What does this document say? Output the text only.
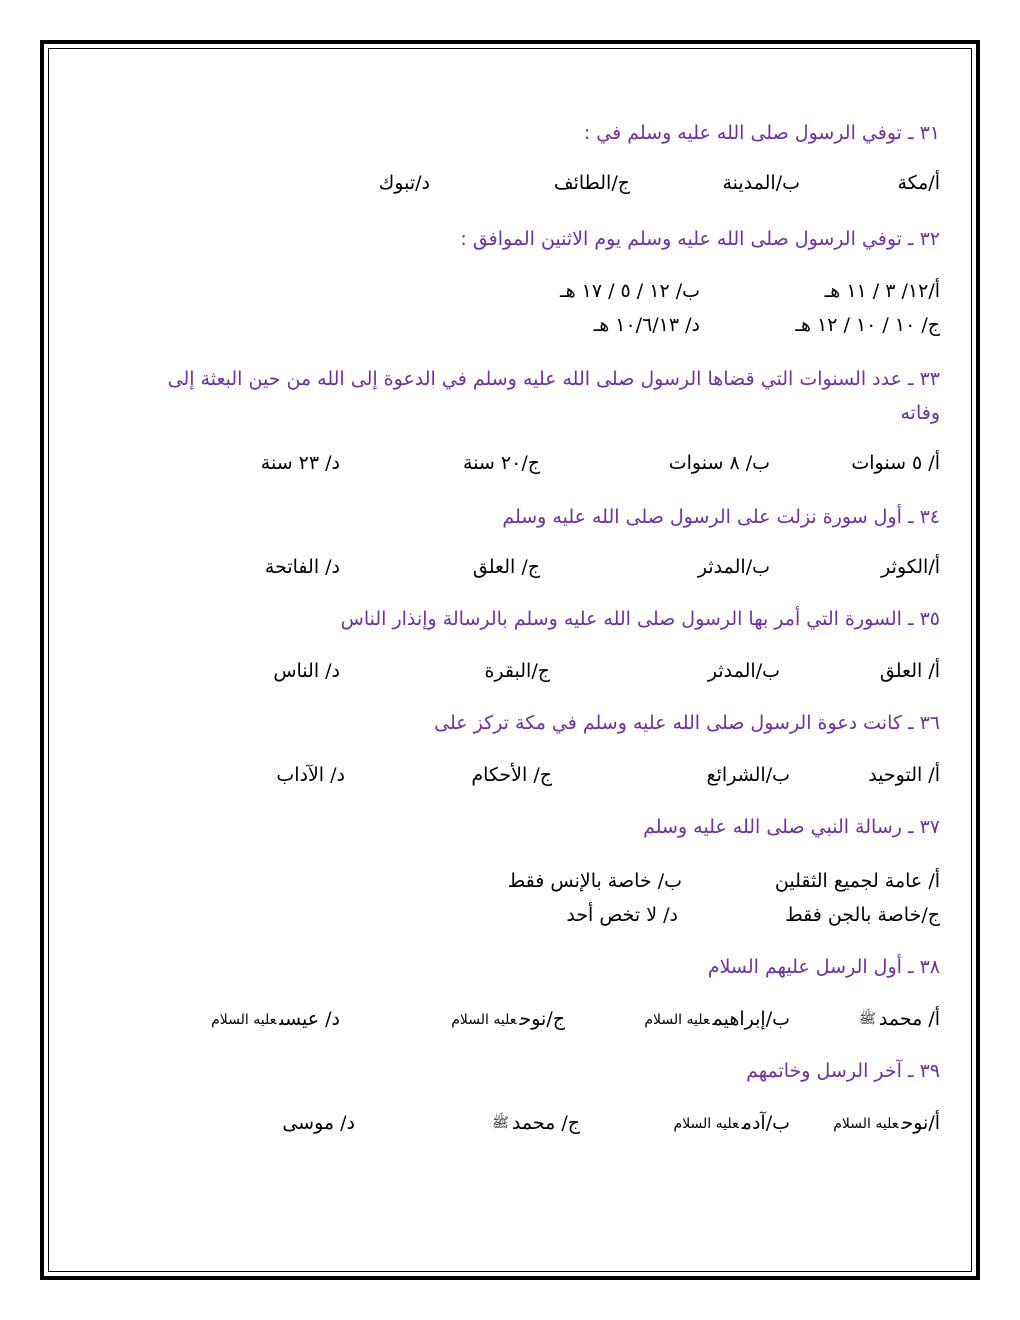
٣١ ـ توفي الرسول صلى الله عليه وسلم في :
أ/مكة
ب/المدينة
ج/الطائف
د/تبوك
٣٢ ـ توفي الرسول صلى الله عليه وسلم يوم الاثنين الموافق :
أ/١٢/ ٣ / ١١ هـ
ب/ ١٢ / ٥ / ١٧ هـ
ج/ ١٠ / ١٠ / ١٢ هـ
د/ ١٠/٦/١٣ هـ
٣٣ ـ عدد السنوات التي قضاها الرسول صلى الله عليه وسلم في الدعوة إلى الله من حين البعثة إلى وفاته
أ/ ٥ سنوات
ب/ ٨ سنوات
ج/٢٠ سنة
د/ ٢٣ سنة
٣٤ ـ أول سورة نزلت على الرسول صلى الله عليه وسلم
أ/الكوثر
ب/المدثر
ج/ العلق
د/ الفاتحة
٣٥ ـ السورة التي أمر بها الرسول صلى الله عليه وسلم بالرسالة وإنذار الناس
أ/ العلق
ب/المدثر
ج/البقرة
د/ الناس
٣٦ ـ كانت دعوة الرسول صلى الله عليه وسلم في مكة تركز على
أ/ التوحيد
ب/الشرائع
ج/ الأحكام
د/ الآداب
٣٧ ـ رسالة النبي صلى الله عليه وسلم
أ/ عامة لجميع الثقلين
ب/ خاصة بالإنس فقط
ج/خاصة بالجن فقط
د/ لا تخص أحد
٣٨ ـ أول الرسل عليهم السلام
أ/ محمدﷺ
ب/إبراهيمعليه السلام
ج/نوحعليه السلام
د/ عيسىعليه السلام
٣٩ ـ آخر الرسل وخاتمهم
أ/نوحعليه السلام
ب/آدمعليه السلام
ج/ محمدﷺ
د/ موسى
